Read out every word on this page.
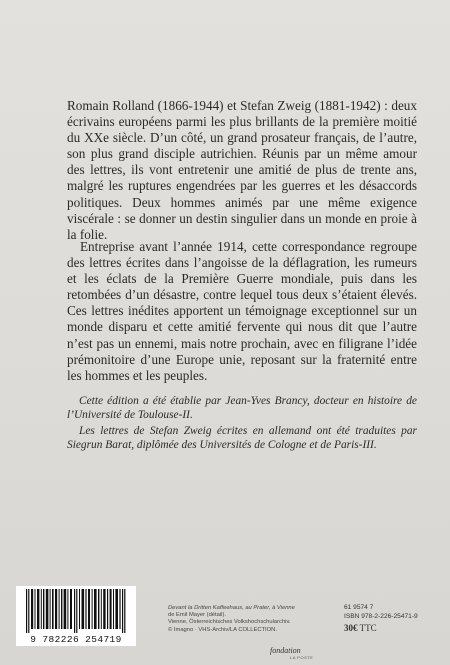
Romain Rolland (1866-1944) et Stefan Zweig (1881-1942) : deux écrivains européens parmi les plus brillants de la première moitié du XXe siècle. D’un côté, un grand prosateur français, de l’autre, son plus grand disciple autrichien. Réunis par un même amour des lettres, ils vont entretenir une amitié de plus de trente ans, malgré les ruptures engendrées par les guerres et les désaccords politiques. Deux hommes animés par une même exigence viscérale : se donner un destin singulier dans un monde en proie à la folie.

Entreprise avant l’année 1914, cette correspondance regroupe des lettres écrites dans l’angoisse de la déflagration, les rumeurs et les éclats de la Première Guerre mondiale, puis dans les retombées d’un désastre, contre lequel tous deux s’étaient élevés. Ces lettres inédites apportent un témoignage exceptionnel sur un monde disparu et cette amitié fervente qui nous dit que l’autre n’est pas un ennemi, mais notre prochain, avec en filigrane l’idée prémonitoire d’une Europe unie, reposant sur la fraternité entre les hommes et les peuples.

Cette édition a été établie par Jean-Yves Brancy, docteur en histoire de l’Université de Toulouse-II.

Les lettres de Stefan Zweig écrites en allemand ont été traduites par Siegrun Barat, diplômée des Universités de Cologne et de Paris-III.

9 782226 254719
Devant la Dritten Kaffeehaus, au Prater, à Vienne
de Emil Mayer (détail).
Vienne, Österreichisches Volkshochschularchiv.
© Imagno · VHS-Archiv/LA COLLECTION.
fondation
LA POSTE
61 9574 7
ISBN 978-2-226-25471-9
30€ TTC
